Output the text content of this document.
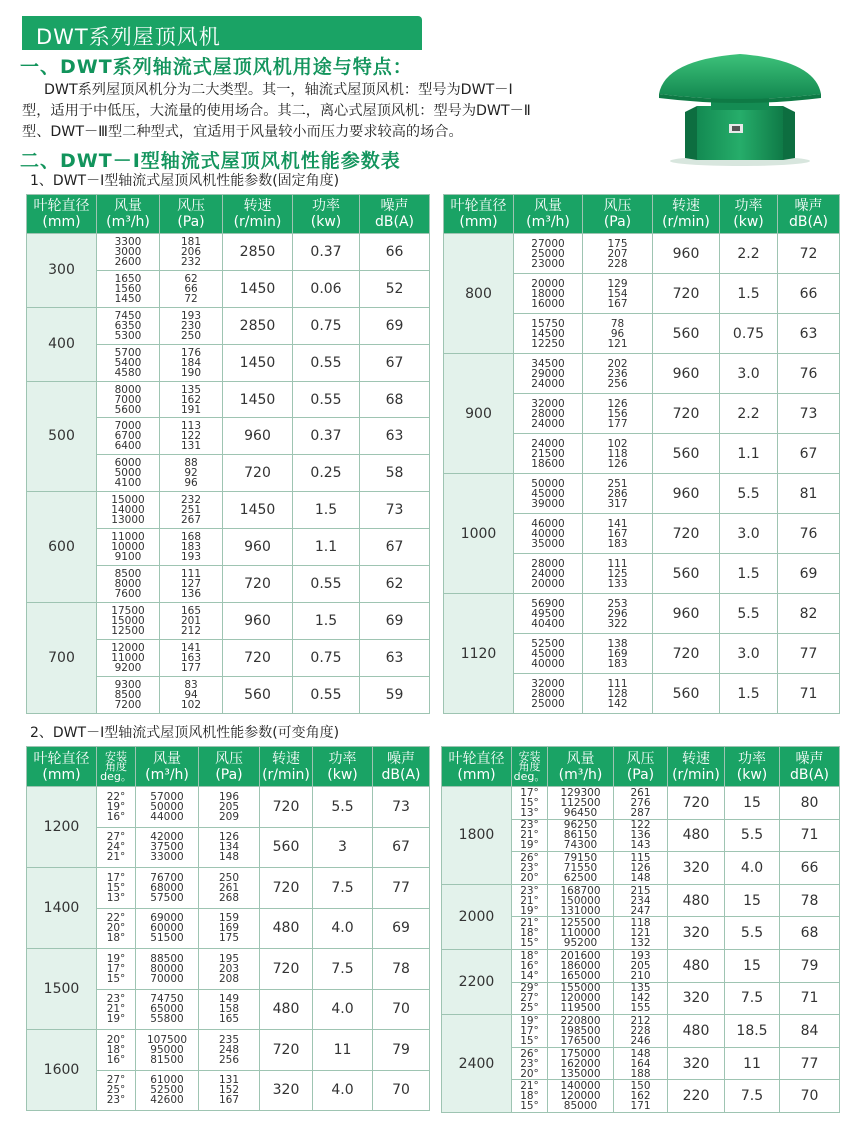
DWT系列屋顶风机
一、DWT系列轴流式屋顶风机用途与特点：
DWT系列屋顶风机分为二大类型。其一，轴流式屋顶风机：型号为DWT－Ⅰ
型，适用于中低压，大流量的使用场合。其二，离心式屋顶风机：型号为DWT－Ⅱ
型、DWT－Ⅲ型二种型式，宜适用于风量较小而压力要求较高的场合。
二、DWT－Ⅰ型轴流式屋顶风机性能参数表
1、DWT－Ⅰ型轴流式屋顶风机性能参数(固定角度)
2、DWT－Ⅰ型轴流式屋顶风机性能参数(可变角度)
叶轮直径
(mm)	风量
(m³/h)	风压
(Pa)	转速
(r/min)	功率
(kw)	噪声
dB(A)

300	3300
3000
2600	181
206
232	2850	0.37	66

	1650
1560
1450	62
66
72	1450	0.06	52
400	7450
6350
5300	193
230
250	2850	0.75	69

	5700
5400
4580	176
184
190	1450	0.55	67
500	8000
7000
5600	135
162
191	1450	0.55	68

	7000
6700
6400	113
122
131	960	0.37	63

	6000
5000
4100	88
92
96	720	0.25	58
600	15000
14000
13000	232
251
267	1450	1.5	73

	11000
10000
9100	168
183
193	960	1.1	67

	8500
8000
7600	111
127
136	720	0.55	62
700	17500
15000
12500	165
201
212	960	1.5	69

	12000
11000
9200	141
163
177	720	0.75	63

	9300
8500
7200	83
94
102	560	0.55	59
叶轮直径
(mm)	风量
(m³/h)	风压
(Pa)	转速
(r/min)	功率
(kw)	噪声
dB(A)

800	27000
25000
23000	175
207
228	960	2.2	72

	20000
18000
16000	129
154
167	720	1.5	66

	15750
14500
12250	78
96
121	560	0.75	63
900	34500
29000
24000	202
236
256	960	3.0	76

	32000
28000
24000	126
156
177	720	2.2	73

	24000
21500
18600	102
118
126	560	1.1	67
1000	50000
45000
39000	251
286
317	960	5.5	81

	46000
40000
35000	141
167
183	720	3.0	76

	28000
24000
20000	111
125
133	560	1.5	69
1120	56900
49500
40400	253
296
322	960	5.5	82

	52500
45000
40000	138
169
183	720	3.0	77

	32000
28000
25000	111
128
142	560	1.5	71
叶轮直径
(mm)	安装
角度
deg。	风量
(m³/h)	风压
(Pa)	转速
(r/min)	功率
(kw)	噪声
dB(A)

1200	22°
19°
16°	57000
50000
44000	196
205
209	720	5.5	73

	27°
24°
21°	42000
37500
33000	126
134
148	560	3	67
1400	17°
15°
13°	76700
68000
57500	250
261
268	720	7.5	77

	22°
20°
18°	69000
60000
51500	159
169
175	480	4.0	69
1500	19°
17°
15°	88500
80000
70000	195
203
208	720	7.5	78

	23°
21°
19°	74750
65000
55800	149
158
165	480	4.0	70
1600	20°
18°
16°	107500
95000
81500	235
248
256	720	11	79

	27°
25°
23°	61000
52500
42600	131
152
167	320	4.0	70
叶轮直径
(mm)	安装
角度
deg。	风量
(m³/h)	风压
(Pa)	转速
(r/min)	功率
(kw)	噪声
dB(A)

1800	17°
15°
13°	129300
112500
96450	261
276
287	720	15	80

	23°
21°
19°	96250
86150
74300	122
136
143	480	5.5	71

	26°
23°
20°	79150
71550
62500	115
126
148	320	4.0	66
2000	23°
21°
19°	168700
150000
131000	215
234
247	480	15	78

	21°
18°
15°	125500
110000
95200	118
121
132	320	5.5	68
2200	18°
16°
14°	201600
186000
165000	193
205
210	480	15	79

	29°
27°
25°	155000
120000
119500	135
142
155	320	7.5	71
2400	19°
17°
15°	220800
198500
176500	212
228
246	480	18.5	84

	26°
23°
20°	175000
162000
135000	148
164
188	320	11	77

	21°
18°
15°	140000
120000
85000	150
162
171	220	7.5	70
